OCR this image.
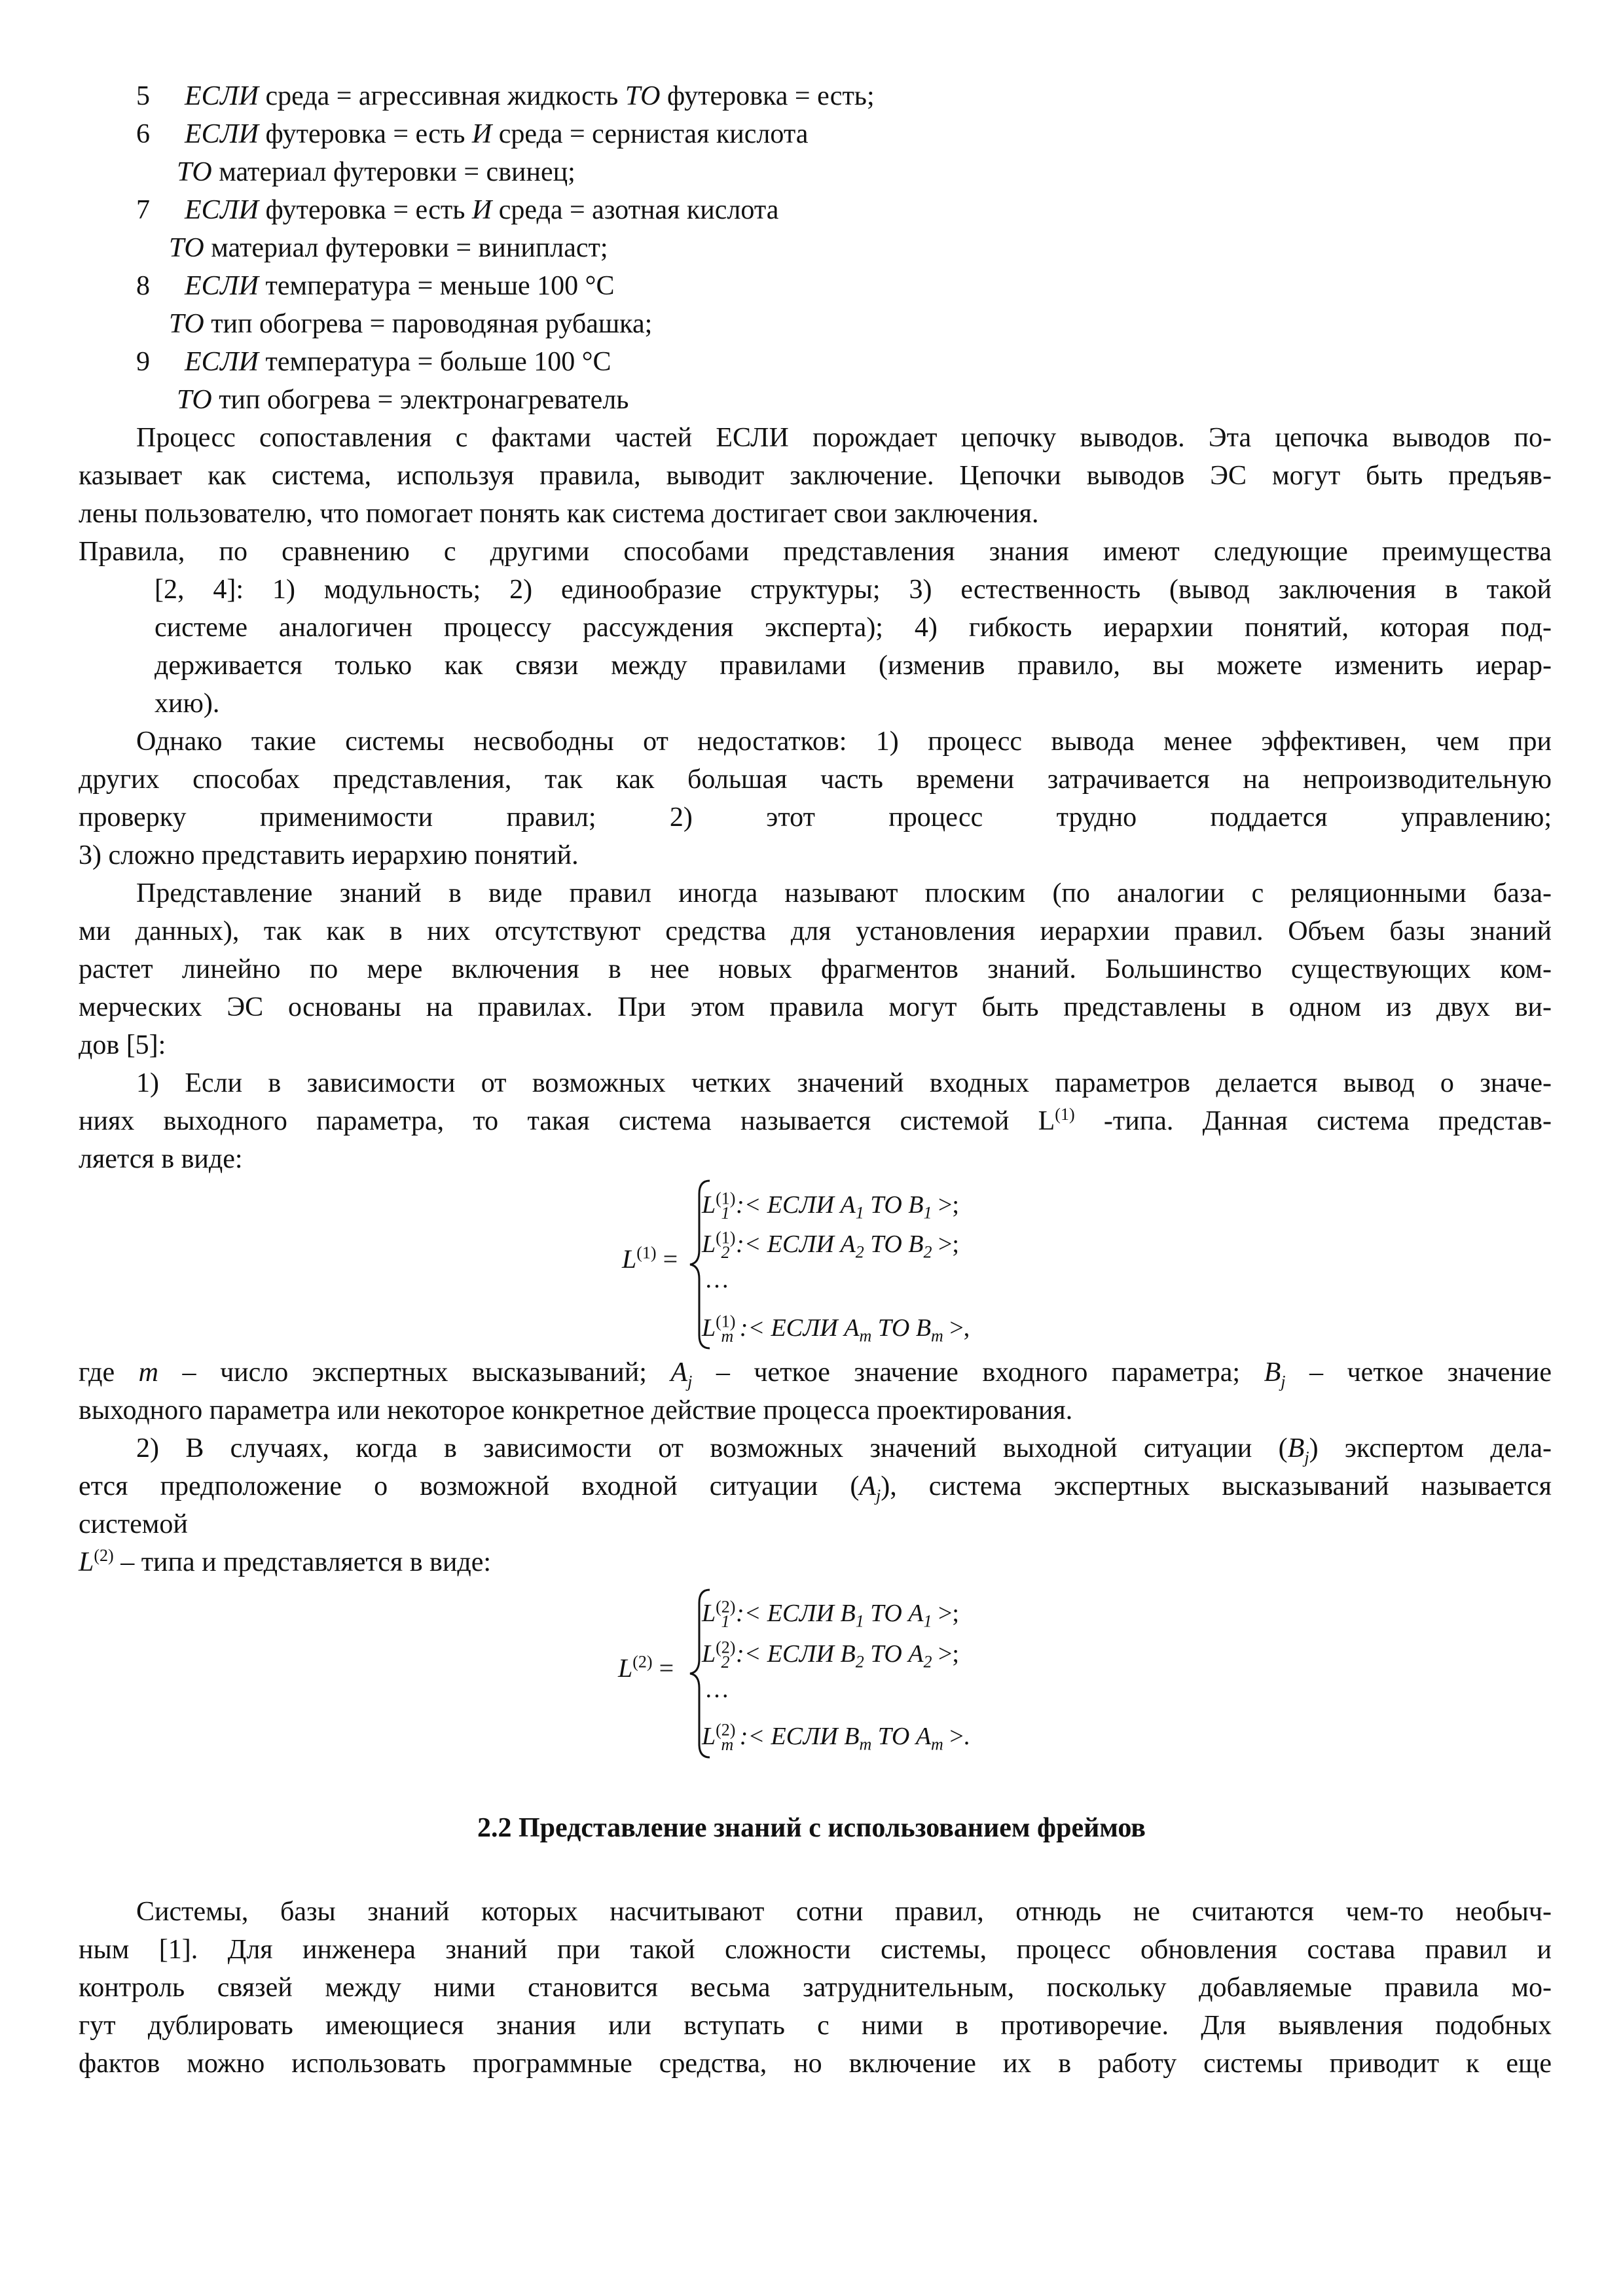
5 ЕСЛИ среда = агрессивная жидкость ТО футеровка = есть;
6 ЕСЛИ футеровка = есть И среда = сернистая кислота
ТО материал футеровки = свинец;
7 ЕСЛИ футеровка = есть И среда = азотная кислота
ТО материал футеровки = винипласт;
8 ЕСЛИ температура = меньше 100 °С
ТО тип обогрева = пароводяная рубашка;
9 ЕСЛИ температура = больше 100 °С
ТО тип обогрева = электронагреватель
Процесс сопоставления с фактами частей ЕСЛИ порождает цепочку выводов. Эта цепочка выводов по-
казывает как система, используя правила, выводит заключение. Цепочки выводов ЭС могут быть предъяв-
лены пользователю, что помогает понять как система достигает свои заключения.
Правила, по сравнению с другими способами представления знания имеют следующие преимущества
[2, 4]: 1) модульность; 2) единообразие структуры; 3) естественность (вывод заключения в такой
системе аналогичен процессу рассуждения эксперта); 4) гибкость иерархии понятий, которая под-
держивается только как связи между правилами (изменив правило, вы можете изменить иерар-
хию).
Однако такие системы несвободны от недостатков: 1) процесс вывода менее эффективен, чем при
других способах представления, так как большая часть времени затрачивается на непроизводительную
проверку применимости правил; 2) этот процесс трудно поддается управлению;
3) сложно представить иерархию понятий.
Представление знаний в виде правил иногда называют плоским (по аналогии с реляционными база-
ми данных), так как в них отсутствуют средства для установления иерархии правил. Объем базы знаний
растет линейно по мере включения в нее новых фрагментов знаний. Большинство существующих ком-
мерческих ЭС основаны на правилах. При этом правила могут быть представлены в одном из двух ви-
дов [5]:
1) Если в зависимости от возможных четких значений входных параметров делается вывод о значе-
ниях выходного параметра, то такая система называется системой $L^{(1)}$ -типа. Данная система представ-
ляется в виде:
$L^{(1)}$ =
$L^{(1)}_1$ :< ЕСЛИ $A_1$ ТО $B_1$ >;
$L^{(1)}_2$ :< ЕСЛИ $A_2$ ТО $B_2$ >;
…
$L^{(1)}_m$ :< ЕСЛИ $A_m$ ТО $B_m$ >,
где m – число экспертных высказываний; $A_j$ – четкое значение входного параметра; $B_j$ – четкое значение
выходного параметра или некоторое конкретное действие процесса проектирования.
2) В случаях, когда в зависимости от возможных значений выходной ситуации $(B_j)$ экспертом дела-
ется предположение о возможной входной ситуации $(A_j)$, система экспертных высказываний называется
системой
$L^{(2)}$ – типа и представляется в виде:
$L^{(2)}$ =
$L^{(2)}_1$ :< ЕСЛИ $B_1$ ТО $A_1$ >;
$L^{(2)}_2$ :< ЕСЛИ $B_2$ ТО $A_2$ >;
…
$L^{(2)}_m$ :< ЕСЛИ $B_m$ ТО $A_m$ >.
2.2 Представление знаний с использованием фреймов
Системы, базы знаний которых насчитывают сотни правил, отнюдь не считаются чем-то необыч-
ным [1]. Для инженера знаний при такой сложности системы, процесс обновления состава правил и
контроль связей между ними становится весьма затруднительным, поскольку добавляемые правила мо-
гут дублировать имеющиеся знания или вступать с ними в противоречие. Для выявления подобных
фактов можно использовать программные средства, но включение их в работу системы приводит к еще
